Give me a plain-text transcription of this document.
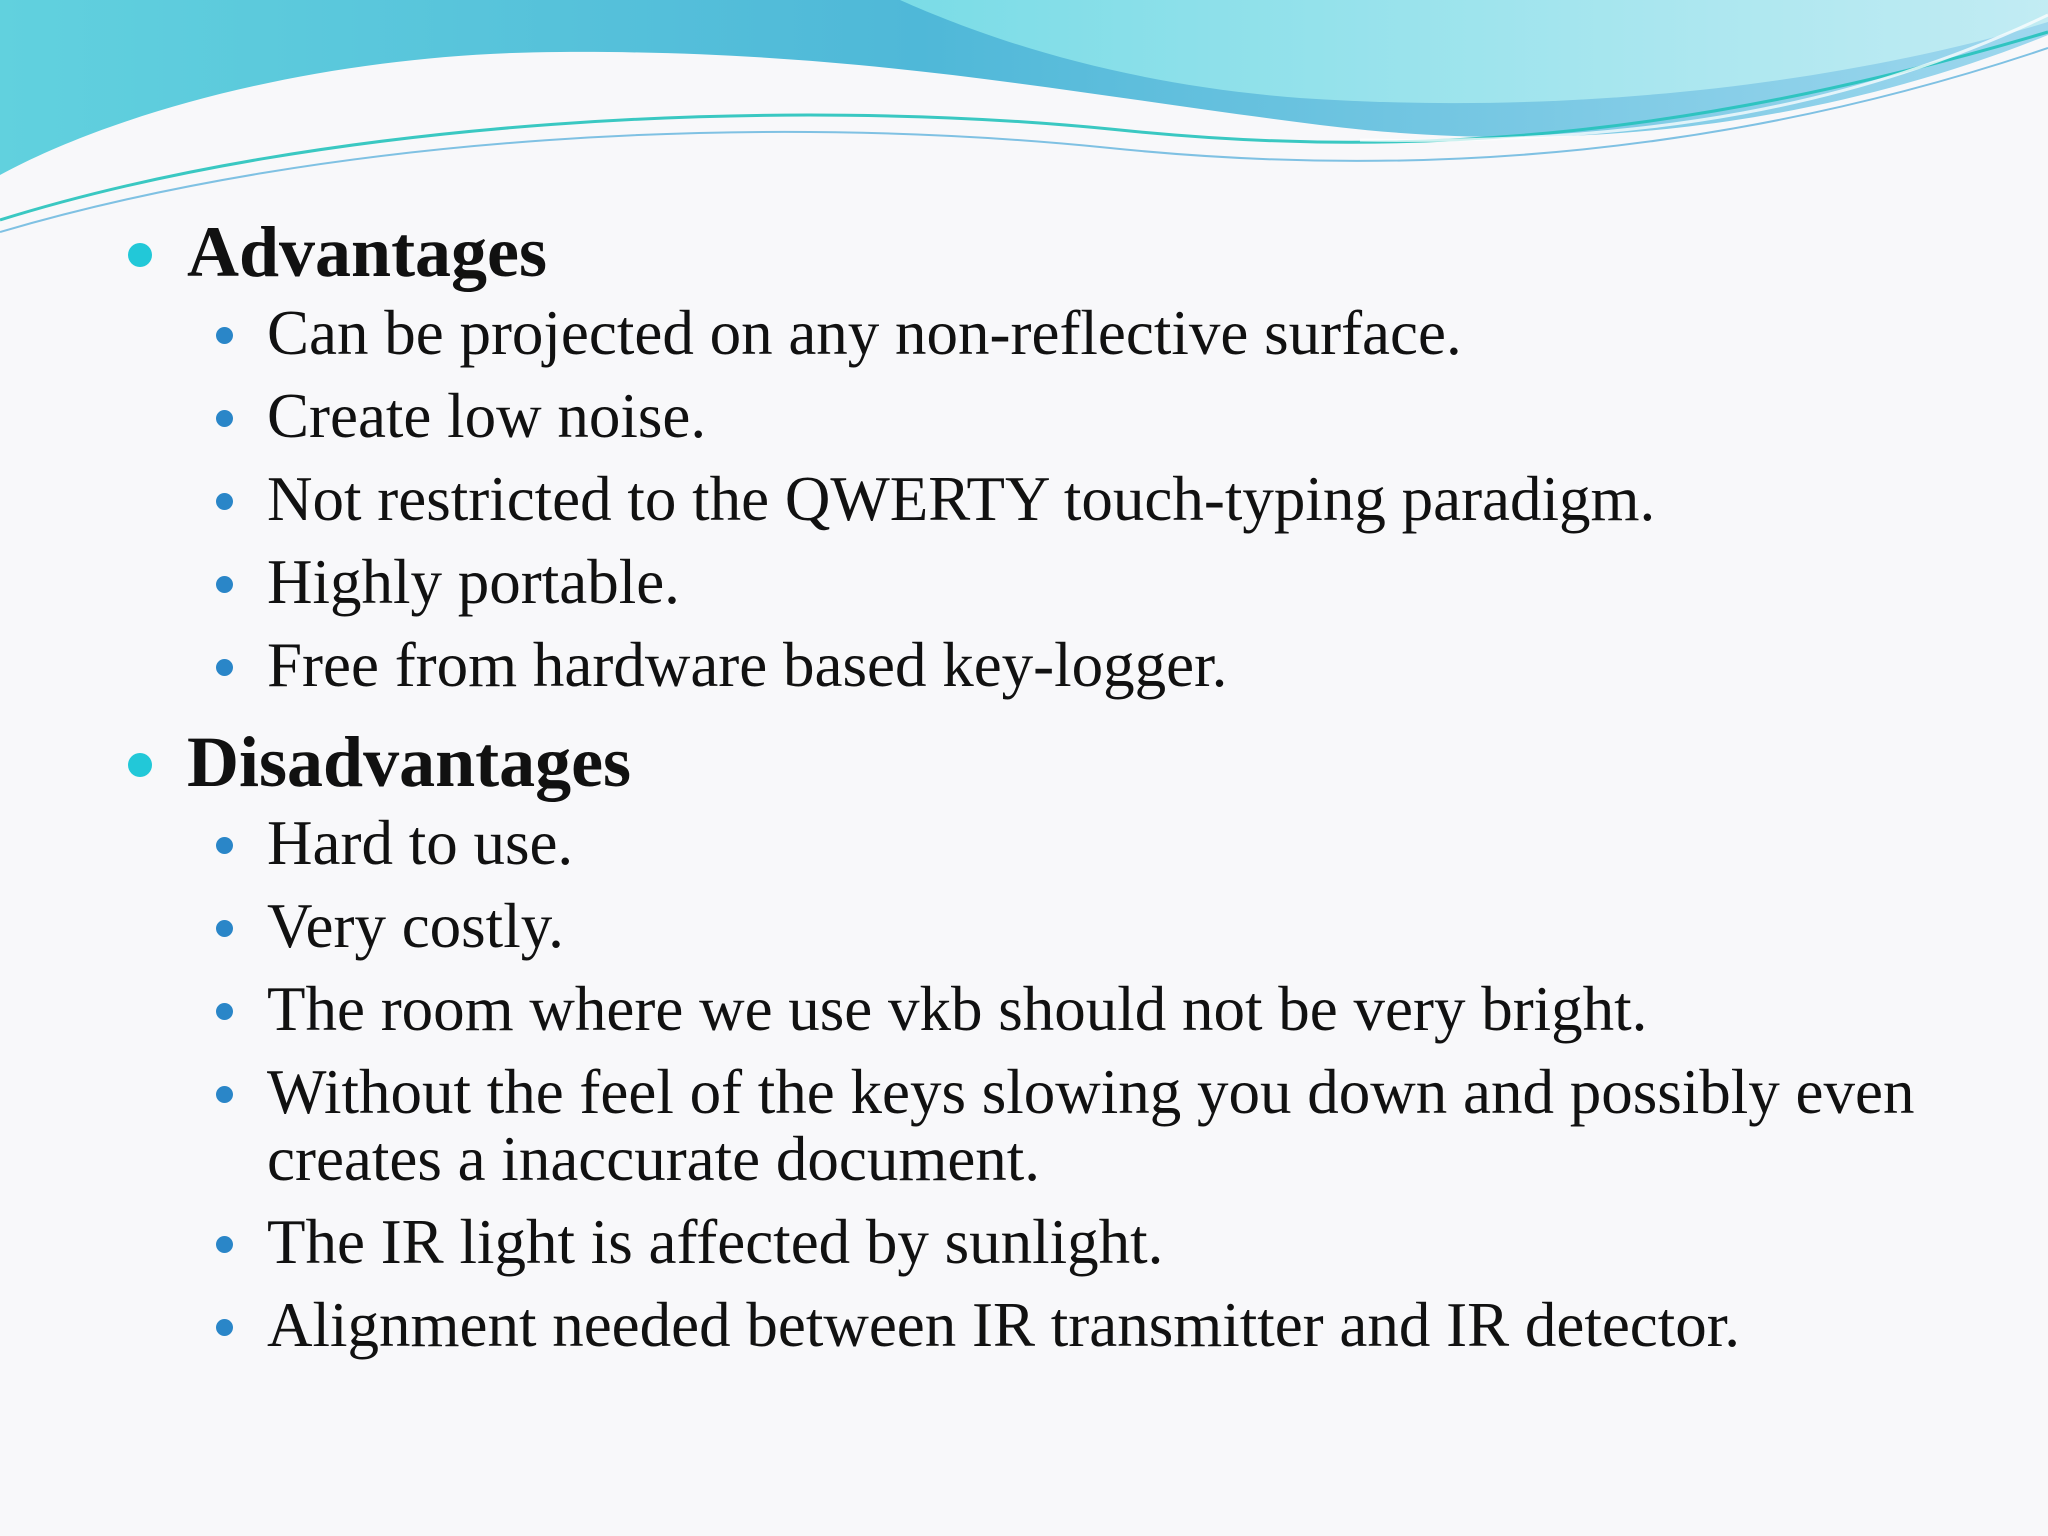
Advantages
Can be projected on any non-reflective surface.
Create low noise.
Not restricted to the QWERTY touch-typing paradigm.
Highly portable.
Free from hardware based key-logger.
Disadvantages
Hard to use.
Very costly.
The room where we use vkb should not be very bright.
Without the feel of the keys slowing you down and possibly even creates a inaccurate document.
The IR light is affected by sunlight.
Alignment needed between IR transmitter and IR detector.
